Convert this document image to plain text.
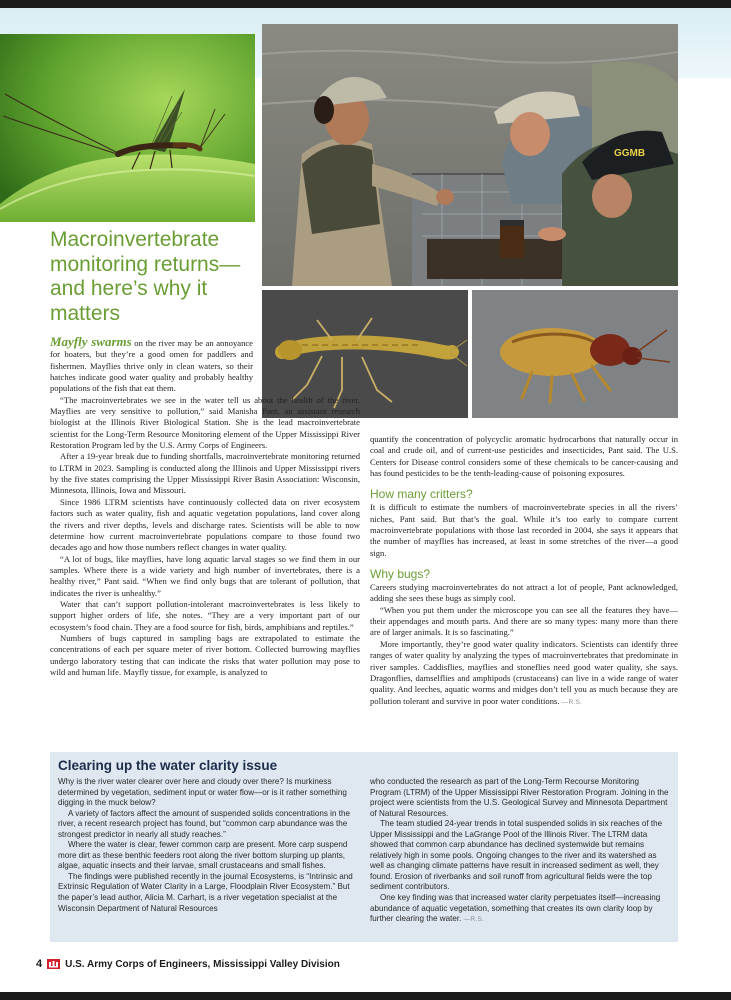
GGMB
Macroinvertebrate monitoring returns—and here’s why it matters

Mayfly swarms on the river may be an annoyance for boaters, but they’re a good omen for paddlers and fishermen. Mayflies thrive only in clean waters, so their hatches indicate good water quality and probably healthy populations of the fish that eat them.

“The macroinvertebrates we see in the water tell us about the health of the river. Mayflies are very sensitive to pollution,” said Manisha Pant, an assistant research biologist at the Illinois River Biological Station. She is the lead macroinvertebrate scientist for the Long-Term Resource Monitoring element of the Upper Mississippi River Restoration Program led by the U.S. Army Corps of Engineers.

After a 19-year break due to funding shortfalls, macroinvertebrate monitoring returned to LTRM in 2023. Sampling is conducted along the Illinois and Upper Mississippi rivers by the five states comprising the Upper Mississippi River Basin Association: Wisconsin, Minnesota, Illinois, Iowa and Missouri.

Since 1986 LTRM scientists have continuously collected data on river ecosystem factors such as water quality, fish and aquatic vegetation populations, land cover along the rivers and river depths, levels and discharge rates. Scientists will be able to now determine how current macroinvertebrate populations compare to those found two decades ago and how those numbers reflect changes in water quality.

“A lot of bugs, like mayflies, have long aquatic larval stages so we find them in our samples. Where there is a wide variety and high number of invertebrates, there is a healthy river,” Pant said. “When we find only bugs that are tolerant of pollution, that indicates the river is unhealthy.”

Water that can’t support pollution-intolerant macroinvertebrates is less likely to support higher orders of life, she notes. “They are a very important part of our ecosystem’s food chain. They are a food source for fish, birds, amphibians and reptiles.”

Numbers of bugs captured in sampling bags are extrapolated to estimate the concentrations of each per square meter of river bottom. Collected burrowing mayflies undergo laboratory testing that can indicate the risks that water pollution may pose to wild and human life. Mayfly tissue, for example, is analyzed to

quantify the concentration of polycyclic aromatic hydrocarbons that naturally occur in coal and crude oil, and of current-use pesticides and insecticides, Pant said. The U.S. Centers for Disease control considers some of these chemicals to be cancer-causing and has found pesticides to be the tenth-leading-cause of poisoning exposures.

How many critters?

It is difficult to estimate the numbers of macroinvertebrate species in all the rivers’ niches, Pant said. But that’s the goal. While it’s too early to compare current macroinvertebrate populations with those last recorded in 2004, she says it appears that the number of mayflies has increased, at least in some stretches of the river—a good sign.

Why bugs?

Careers studying macroinvertebrates do not attract a lot of people, Pant acknowledged, adding she sees these bugs as simply cool.

“When you put them under the microscope you can see all the features they have—their appendages and mouth parts. And there are so many types: many more than there are of larger animals. It is so fascinating.”

More importantly, they’re good water quality indicators. Scientists can identify three ranges of water quality by analyzing the types of macroinvertebrates that predominate in river samples. Caddisflies, mayflies and stoneflies need good water quality, she says. Dragonflies, damselflies and amphipods (crustaceans) can live in a wide range of water quality. And leeches, aquatic worms and midges don’t tell you as much because they are pollution tolerant and survive in poor water conditions. —R.S.

Clearing up the water clarity issue

Why is the river water clearer over here and cloudy over there? Is murkiness determined by vegetation, sediment input or water flow—or is it rather something digging in the muck below?

A variety of factors affect the amount of suspended solids concentrations in the river, a recent research project has found, but “common carp abundance was the strongest predictor in nearly all study reaches.”

Where the water is clear, fewer common carp are present. More carp suspend more dirt as these benthic feeders root along the river bottom slurping up plants, algae, aquatic insects and their larvae, small crustaceans and small fishes.

The findings were published recently in the journal Ecosystems, is “Intrinsic and Extrinsic Regulation of Water Clarity in a Large, Floodplain River Ecosystem.” But the paper’s lead author, Alicia M. Carhart, is a river vegetation specialist at the Wisconsin Department of Natural Resources

who conducted the research as part of the Long-Term Recourse Monitoring Program (LTRM) of the Upper Mississippi River Restoration Program. Joining in the project were scientists from the U.S. Geological Survey and Minnesota Department of Natural Resources.

The team studied 24-year trends in total suspended solids in six reaches of the Upper Mississippi and the LaGrange Pool of the Illinois River. The LTRM data showed that common carp abundance has declined systemwide but remains relatively high in some pools. Ongoing changes to the river and its watershed as well as changing climate patterns have result in increased sediment as well, they found. Erosion of riverbanks and soil runoff from agricultural fields were the top sediment contributors.

One key finding was that increased water clarity perpetuates itself—increasing abundance of aquatic vegetation, something that creates its own clarity loop by further clearing the water. —R.S.

4 U.S. Army Corps of Engineers, Mississippi Valley Division
